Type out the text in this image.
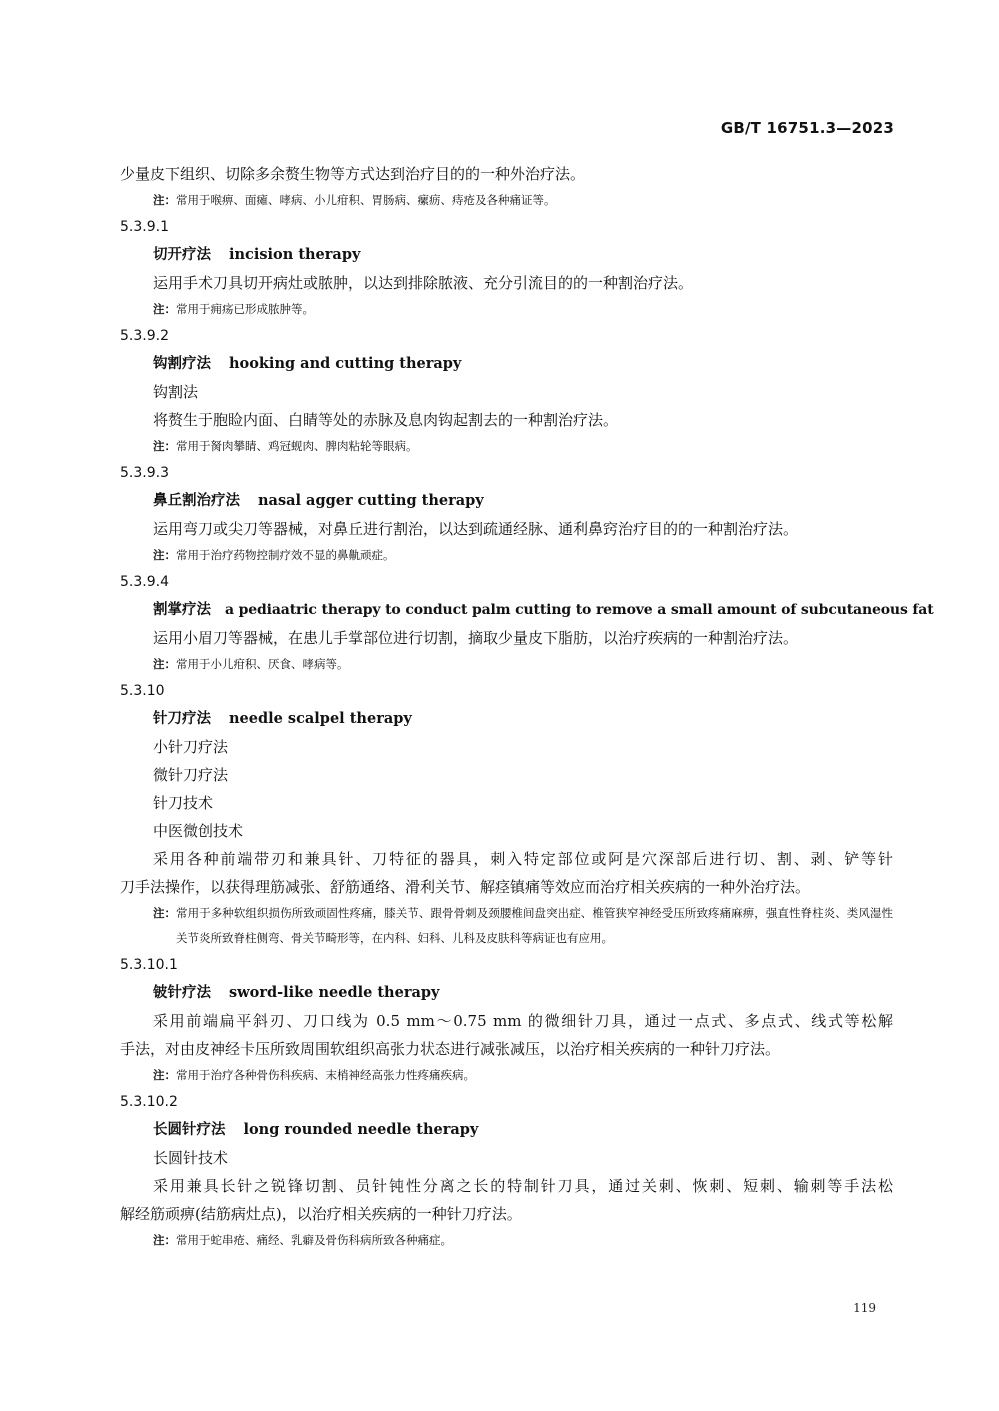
GB/T 16751.3—2023
少量皮下组织、切除多余赘生物等方式达到治疗目的的一种外治疗法。
注：常用于喉痹、面瘫、哮病、小儿疳积、胃肠病、瘰疬、痔疮及各种痛证等。
5.3.9.1
切开疗法 incision therapy
运用手术刀具切开病灶或脓肿，以达到排除脓液、充分引流目的的一种割治疗法。
注：常用于痈疡已形成脓肿等。
5.3.9.2
钩割疗法 hooking and cutting therapy
钩割法
将赘生于胞睑内面、白睛等处的赤脉及息肉钩起割去的一种割治疗法。
注：常用于胬肉攀睛、鸡冠蚬肉、脾肉粘轮等眼病。
5.3.9.3
鼻丘割治疗法 nasal agger cutting therapy
运用弯刀或尖刀等器械，对鼻丘进行割治，以达到疏通经脉、通利鼻窍治疗目的的一种割治疗法。
注：常用于治疗药物控制疗效不显的鼻鼽顽症。
5.3.9.4
割掌疗法 a pediaatric therapy to conduct palm cutting to remove a small amount of subcutaneous fat
运用小眉刀等器械，在患儿手掌部位进行切割，摘取少量皮下脂肪，以治疗疾病的一种割治疗法。
注：常用于小儿疳积、厌食、哮病等。
5.3.10
针刀疗法 needle scalpel therapy
小针刀疗法
微针刀疗法
针刀技术
中医微创技术
采用各种前端带刃和兼具针、刀特征的器具，刺入特定部位或阿是穴深部后进行切、割、剥、铲等针
刀手法操作，以获得理筋减张、舒筋通络、滑利关节、解痉镇痛等效应而治疗相关疾病的一种外治疗法。
注： 常用于多种软组织损伤所致顽固性疼痛，膝关节、跟骨骨刺及颈腰椎间盘突出症、椎管狭窄神经受压所致疼痛麻痹，强直性脊柱炎、类风湿性关节炎所致脊柱侧弯、骨关节畸形等，在内科、妇科、儿科及皮肤科等病证也有应用。
5.3.10.1
铍针疗法 sword-like needle therapy
采用前端扁平斜刃、刀口线为 0.5 mm～0.75 mm 的微细针刀具，通过一点式、多点式、线式等松解
手法，对由皮神经卡压所致周围软组织高张力状态进行减张减压，以治疗相关疾病的一种针刀疗法。
注：常用于治疗各种骨伤科疾病、末梢神经高张力性疼痛疾病。
5.3.10.2
长圆针疗法 long rounded needle therapy
长圆针技术
采用兼具长针之锐锋切割、员针钝性分离之长的特制针刀具，通过关刺、恢刺、短刺、输刺等手法松
解经筋顽痹(结筋病灶点)，以治疗相关疾病的一种针刀疗法。
注：常用于蛇串疮、痛经、乳癖及骨伤科病所致各种痛症。
119
